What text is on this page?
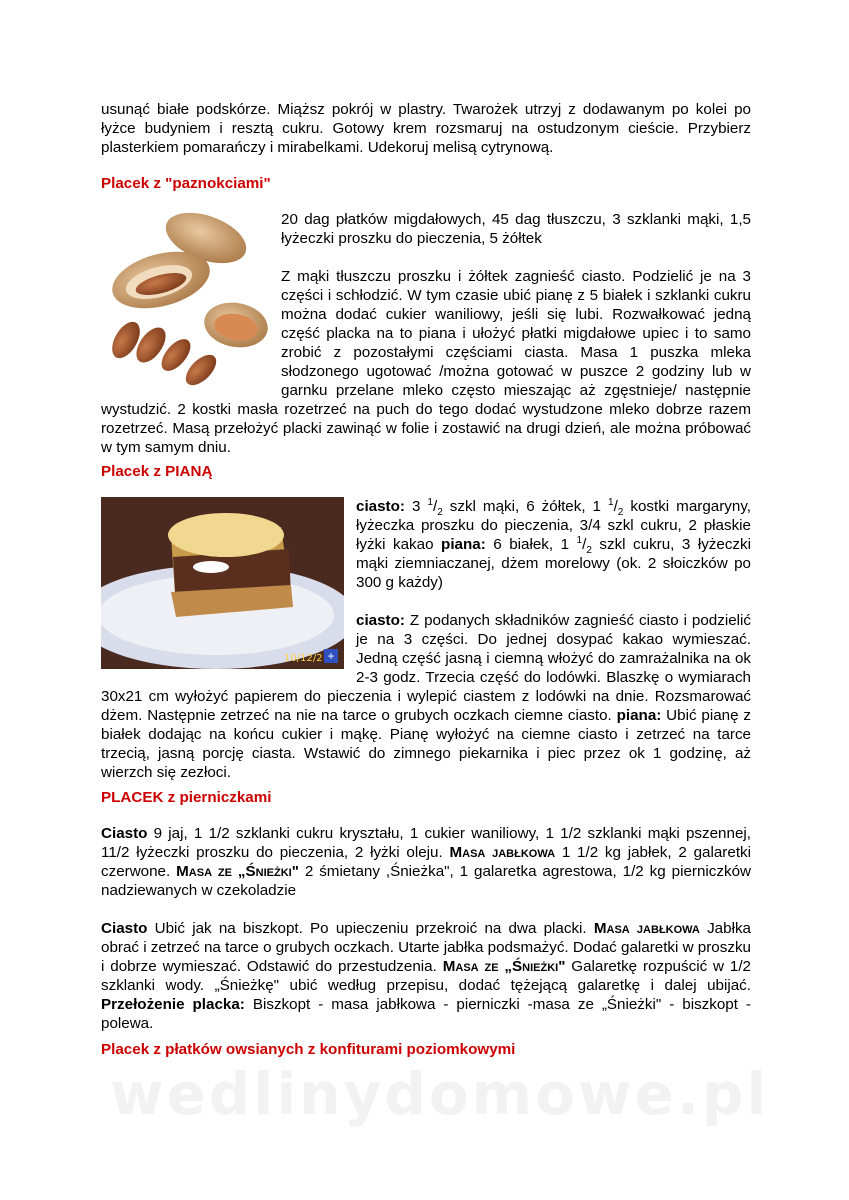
usunąć białe podskórze. Miąższ pokrój w plastry. Twarożek utrzyj z dodawanym po kolei po łyżce budyniem i resztą cukru. Gotowy krem rozsmaruj na ostudzonym cieście. Przybierz plasterkiem pomarańczy i mirabelkami. Udekoruj melisą cytrynową.

Placek z "paznokciami"

20 dag płatków migdałowych, 45 dag tłuszczu, 3 szklanki mąki, 1,5 łyżeczki proszku do pieczenia, 5 żółtek

Z mąki tłuszczu proszku i żółtek zagnieść ciasto. Podzielić je na 3 części i schłodzić. W tym czasie ubić pianę z 5 białek i szklanki cukru można dodać cukier waniliowy, jeśli się lubi. Rozwałkować jedną część placka na to piana i ułożyć płatki migdałowe upiec i to samo zrobić z pozostałymi częściami ciasta. Masa 1 puszka mleka słodzonego ugotować /można gotować w puszce 2 godziny lub w garnku przelane mleko często mieszając aż zgęstnieje/ następnie wystudzić. 2 kostki masła rozetrzeć na puch do tego dodać wystudzone mleko dobrze razem rozetrzeć. Masą przełożyć placki zawinąć w folie i zostawić na drugi dzień, ale można próbować w tym samym dniu.

Placek z PIANĄ
10/12/2 +

ciasto: 3 $^1/_2$ szkl mąki, 6 żółtek, 1 $^1/_2$ kostki margaryny, łyżeczka proszku do pieczenia, 3/4 szkl cukru, 2 płaskie łyżki kakao piana: 6 białek, 1 $^1/_2$ szkl cukru, 3 łyżeczki mąki ziemniaczanej, dżem morelowy (ok. 2 słoiczków po 300 g każdy)

ciasto: Z podanych składników zagnieść ciasto i podzielić je na 3 części. Do jednej dosypać kakao wymieszać. Jedną część jasną i ciemną włożyć do zamrażalnika na ok 2-3 godz. Trzecia część do lodówki. Blaszkę o wymiarach 30x21 cm wyłożyć papierem do pieczenia i wylepić ciastem z lodówki na dnie. Rozsmarować dżem. Następnie zetrzeć na nie na tarce o grubych oczkach ciemne ciasto. piana: Ubić pianę z białek dodając na końcu cukier i mąkę. Pianę wyłożyć na ciemne ciasto i zetrzeć na tarce trzecią, jasną porcję ciasta. Wstawić do zimnego piekarnika i piec przez ok 1 godzinę, aż wierzch się zezłoci.

PLACEK z pierniczkami

Ciasto 9 jaj, 1 1/2 szklanki cukru kryształu, 1 cukier waniliowy, 1 1/2 szklanki mąki pszennej, 11/2 łyżeczki proszku do pieczenia, 2 łyżki oleju. Masa jabłkowa 1 1/2 kg jabłek, 2 galaretki czerwone. Masa ze „Śnieżki" 2 śmietany ,Śnieżka", 1 galaretka agrestowa, 1/2 kg pierniczków nadziewanych w czekoladzie

Ciasto Ubić jak na biszkopt. Po upieczeniu przekroić na dwa placki. Masa jabłkowa Jabłka obrać i zetrzeć na tarce o grubych oczkach. Utarte jabłka podsmażyć. Dodać galaretki w proszku i dobrze wymieszać. Odstawić do przestudzenia. Masa ze „Śnieżki" Galaretkę rozpuścić w 1/2 szklanki wody. „Śnieżkę" ubić według przepisu, dodać tężejącą galaretkę i dalej ubijać. Przełożenie placka: Biszkopt - masa jabłkowa - pierniczki -masa ze „Śnieżki" - biszkopt - polewa.

Placek z płatków owsianych z konfiturami poziomkowymi
wedlinydomowe.pl
